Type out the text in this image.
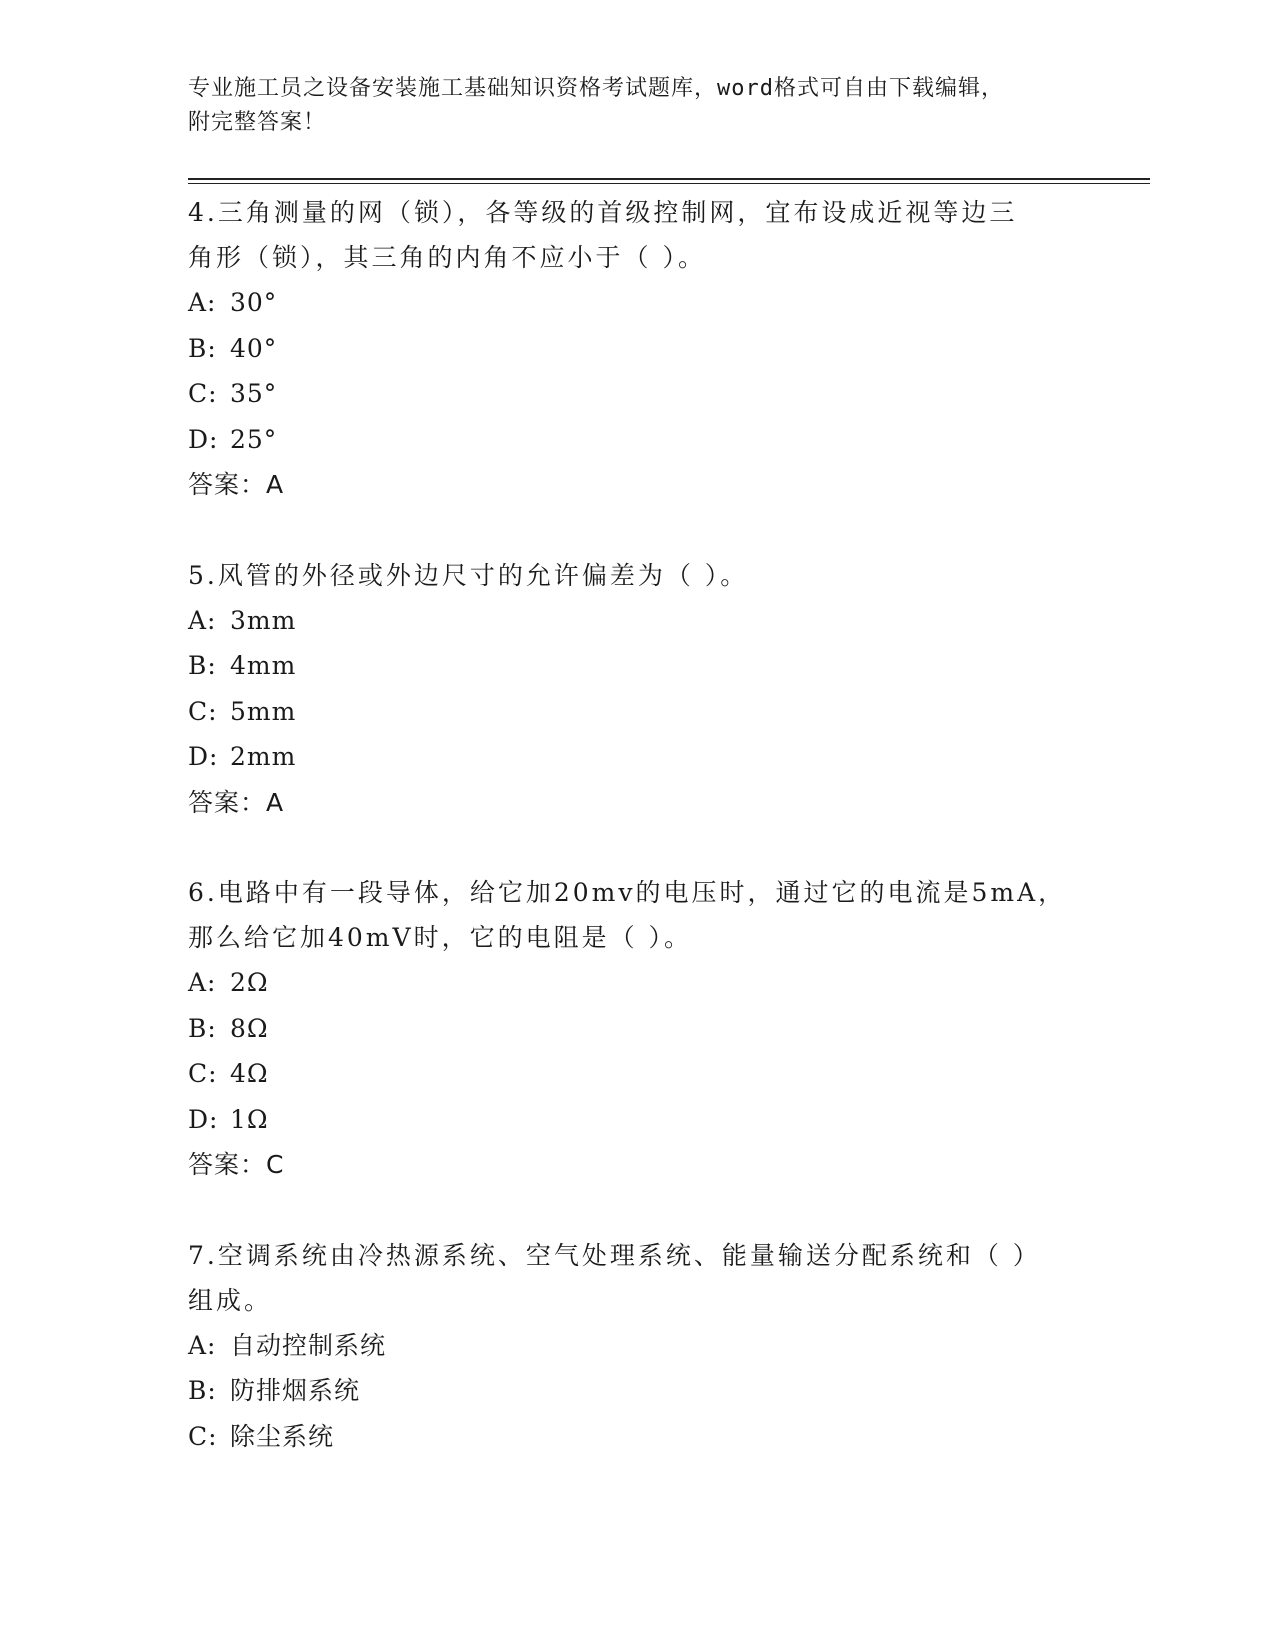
专业施工员之设备安装施工基础知识资格考试题库，word格式可自由下载编辑，
附完整答案！
4.三角测量的网（锁），各等级的首级控制网，宜布设成近视等边三
角形（锁），其三角的内角不应小于（ ）。
A: 30°
B: 40°
C: 35°
D: 25°
答案：A
5.风管的外径或外边尺寸的允许偏差为（ ）。
A: 3mm
B: 4mm
C: 5mm
D: 2mm
答案：A
6.电路中有一段导体，给它加20mv的电压时，通过它的电流是5mA，
那么给它加40mV时，它的电阻是（ ）。
A: 2Ω
B: 8Ω
C: 4Ω
D: 1Ω
答案：C
7.空调系统由冷热源系统、空气处理系统、能量输送分配系统和（ ）
组成。
A: 自动控制系统
B: 防排烟系统
C: 除尘系统
